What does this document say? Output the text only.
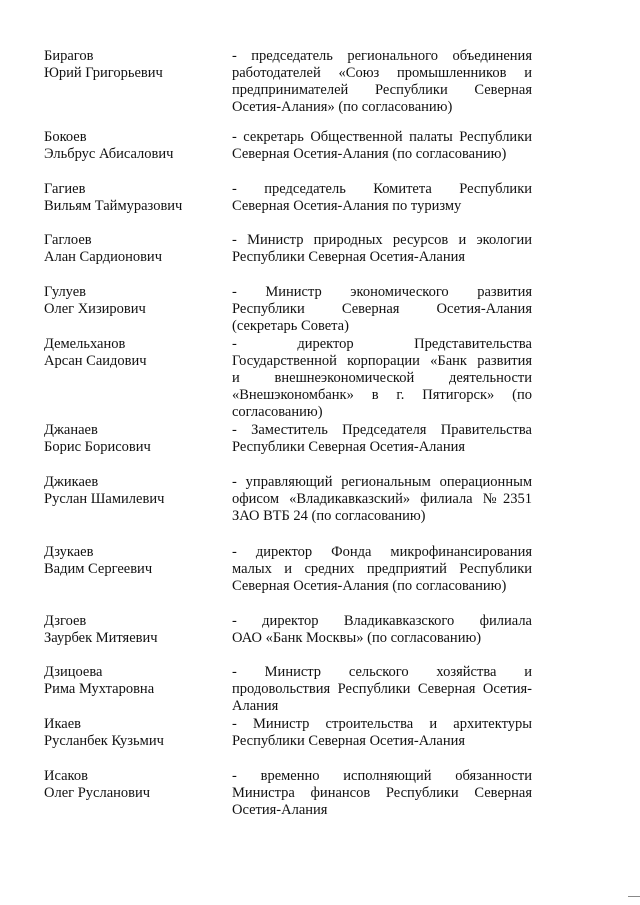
Бирагов
Юрий Григорьевич
- председатель регионального объединения
работодателей «Союз промышленников и
предпринимателей Республики Северная
Осетия-Алания» (по согласованию)
Бокоев
Эльбрус Абисалович
- секретарь Общественной палаты Республики
Северная Осетия-Алания (по согласованию)
Гагиев
Вильям Таймуразович
- председатель Комитета Республики
Северная Осетия-Алания по туризму
Гаглоев
Алан Сардионович
- Министр природных ресурсов и экологии
Республики Северная Осетия-Алания
Гулуев
Олег Хизирович
- Министр экономического развития
Республики Северная Осетия-Алания
(секретарь Совета)
Демельханов
Арсан Саидович
- директор Представительства
Государственной корпорации «Банк развития
и внешнеэкономической деятельности
«Внешэкономбанк» в г. Пятигорск» (по
согласованию)
Джанаев
Борис Борисович
- Заместитель Председателя Правительства
Республики Северная Осетия-Алания
Джикаев
Руслан Шамилевич
- управляющий региональным операционным
офисом «Владикавказский» филиала №2351
ЗАО ВТБ 24 (по согласованию)
Дзукаев
Вадим Сергеевич
- директор Фонда микрофинансирования
малых и средних предприятий Республики
Северная Осетия-Алания (по согласованию)
Дзгоев
Заурбек Митяевич
- директор Владикавказского филиала
ОАО «Банк Москвы» (по согласованию)
Дзицоева
Рима Мухтаровна
- Министр сельского хозяйства и
продовольствия Республики Северная Осетия-
Алания
Икаев
Русланбек Кузьмич
- Министр строительства и архитектуры
Республики Северная Осетия-Алания
Исаков
Олег Русланович
- временно исполняющий обязанности
Министра финансов Республики Северная
Осетия-Алания
